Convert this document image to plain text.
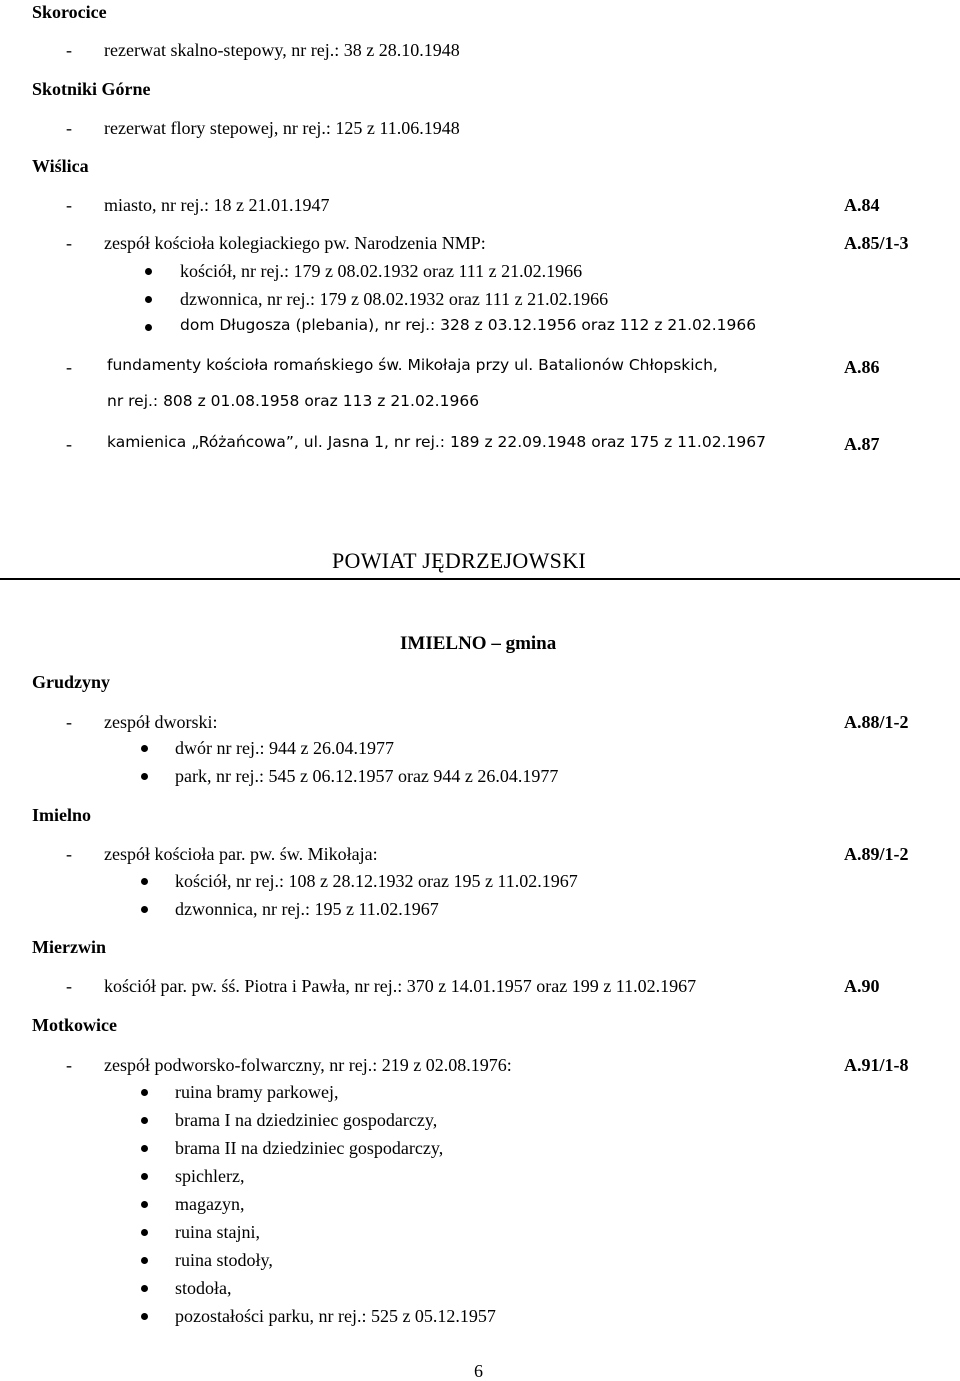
Skorocice
- rezerwat skalno-stepowy, nr rej.: 38 z 28.10.1948
Skotniki Górne
- rezerwat flory stepowej, nr rej.: 125 z 11.06.1948
Wiślica
- miasto, nr rej.: 18 z 21.01.1947	A.84
- zespół kościoła kolegiackiego pw. Narodzenia NMP:	A.85/1-3
kościół, nr rej.: 179 z 08.02.1932 oraz 111 z 21.02.1966
dzwonnica, nr rej.: 179 z 08.02.1932 oraz 111 z 21.02.1966
dom Długosza (plebania), nr rej.: 328 z 03.12.1956 oraz 112 z 21.02.1966
- fundamenty kościoła romańskiego św. Mikołaja przy ul. Batalionów Chłopskich,	A.86
nr rej.: 808 z 01.08.1958 oraz 113 z 21.02.1966
- kamienica „Różańcowa”, ul. Jasna 1, nr rej.: 189 z 22.09.1948 oraz 175 z 11.02.1967	A.87
POWIAT JĘDRZEJOWSKI
IMIELNO – gmina
Grudzyny
- zespół dworski:	A.88/1-2
dwór nr rej.: 944 z 26.04.1977
park, nr rej.: 545 z 06.12.1957 oraz 944 z 26.04.1977
Imielno
- zespół kościoła par. pw. św. Mikołaja:	A.89/1-2
kościół, nr rej.: 108 z 28.12.1932 oraz 195 z 11.02.1967
dzwonnica, nr rej.: 195 z 11.02.1967
Mierzwin
- kościół par. pw. śś. Piotra i Pawła, nr rej.: 370 z 14.01.1957 oraz 199 z 11.02.1967	A.90
Motkowice
- zespół podworsko-folwarczny, nr rej.: 219 z 02.08.1976:	A.91/1-8
ruina bramy parkowej,
brama I na dziedziniec gospodarczy,
brama II na dziedziniec gospodarczy,
spichlerz,
magazyn,
ruina stajni,
ruina stodoły,
stodoła,
pozostałości parku, nr rej.: 525 z 05.12.1957
6
